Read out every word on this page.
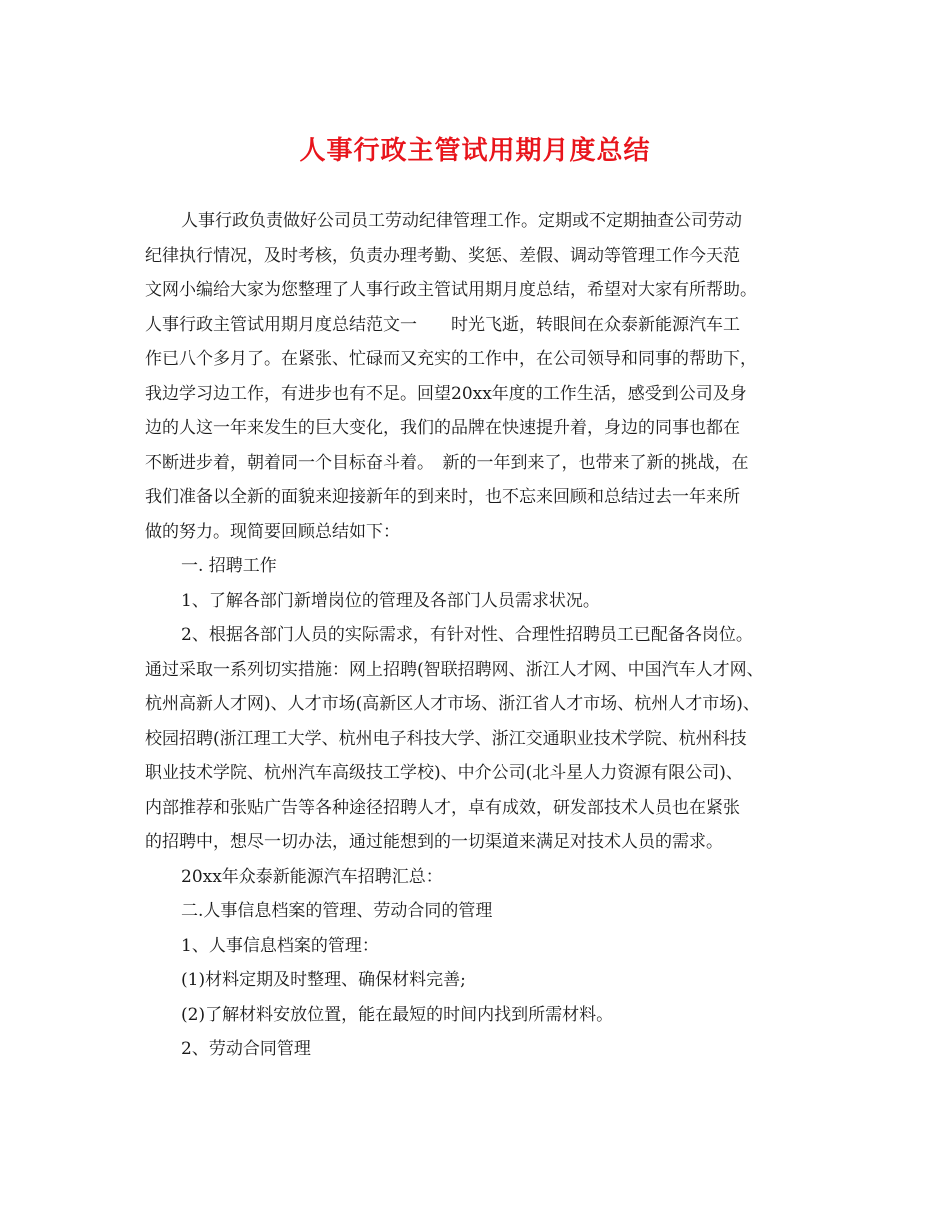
人事行政主管试用期月度总结
人事行政负责做好公司员工劳动纪律管理工作。定期或不定期抽查公司劳动
纪律执行情况，及时考核，负责办理考勤、奖惩、差假、调动等管理工作今天范
文网小编给大家为您整理了人事行政主管试用期月度总结，希望对大家有所帮助。
人事行政主管试用期月度总结范文一　　时光飞逝，转眼间在众泰新能源汽车工
作已八个多月了。在紧张、忙碌而又充实的工作中，在公司领导和同事的帮助下，
我边学习边工作，有进步也有不足。回望20xx年度的工作生活，感受到公司及身
边的人这一年来发生的巨大变化，我们的品牌在快速提升着，身边的同事也都在
不断进步着，朝着同一个目标奋斗着。　新的一年到来了，也带来了新的挑战，在
我们准备以全新的面貌来迎接新年的到来时，也不忘来回顾和总结过去一年来所
做的努力。现简要回顾总结如下：
一. 招聘工作
1、了解各部门新增岗位的管理及各部门人员需求状况。
2、根据各部门人员的实际需求，有针对性、合理性招聘员工已配备各岗位。
通过采取一系列切实措施：网上招聘(智联招聘网、浙江人才网、中国汽车人才网、
杭州高新人才网)、人才市场(高新区人才市场、浙江省人才市场、杭州人才市场)、
校园招聘(浙江理工大学、杭州电子科技大学、浙江交通职业技术学院、杭州科技
职业技术学院、杭州汽车高级技工学校)、中介公司(北斗星人力资源有限公司)、
内部推荐和张贴广告等各种途径招聘人才，卓有成效，研发部技术人员也在紧张
的招聘中，想尽一切办法，通过能想到的一切渠道来满足对技术人员的需求。
20xx年众泰新能源汽车招聘汇总：
二.人事信息档案的管理、劳动合同的管理
1、人事信息档案的管理：
(1)材料定期及时整理、确保材料完善;
(2)了解材料安放位置，能在最短的时间内找到所需材料。
2、劳动合同管理
